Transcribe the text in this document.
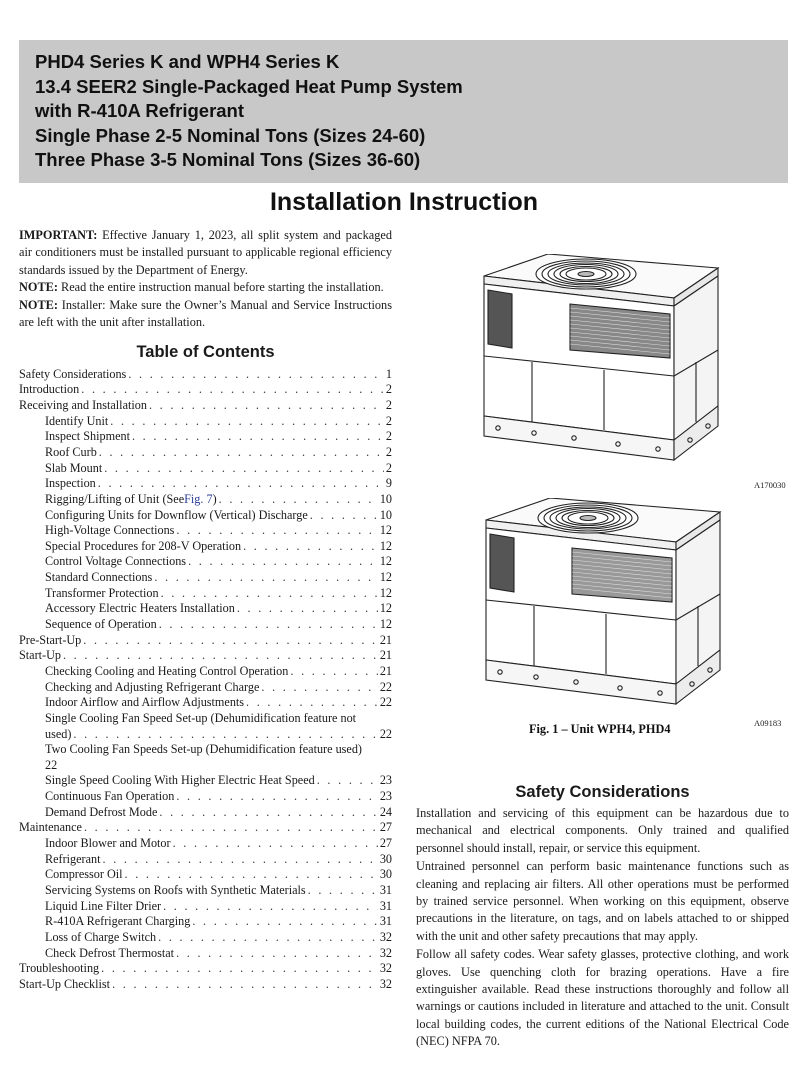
PHD4 Series K and WPH4 Series K
13.4 SEER2 Single-Packaged Heat Pump System
with R-410A Refrigerant
Single Phase 2-5 Nominal Tons (Sizes 24-60)
Three Phase 3-5 Nominal Tons (Sizes 36-60)
Installation Instruction

IMPORTANT: Effective January 1, 2023, all split system and packaged air conditioners must be installed pursuant to applicable regional efficiency standards issued by the Department of Energy.

NOTE: Read the entire instruction manual before starting the installation.

NOTE: Installer: Make sure the Owner’s Manual and Service Instructions are left with the unit after installation.

Table of Contents
Safety Considerations . . .	1
Introduction . . .	2
Receiving and Installation . . .	2
Identify Unit . . .	2
Inspect Shipment . . .	2
Roof Curb . . .	2
Slab Mount . . .	2
Inspection . . .	9
Rigging/Lifting of Unit (See Fig. 7 ) . . .	10
Configuring Units for Downflow (Vertical) Discharge . . .	10
High-Voltage Connections . . .	12
Special Procedures for 208-V Operation . . .	12
Control Voltage Connections . . .	12
Standard Connections . . .	12
Transformer Protection . . .	12
Accessory Electric Heaters Installation . . .	12
Sequence of Operation . . .	12
Pre-Start-Up . . .	21
Start-Up . . .	21
Checking Cooling and Heating Control Operation . . .	21
Checking and Adjusting Refrigerant Charge . . .	22
Indoor Airflow and Airflow Adjustments . . .	22
Single Cooling Fan Speed Set-up (Dehumidification feature not
used) . . .	22
Two Cooling Fan Speeds Set-up (Dehumidification feature used)
22
Single Speed Cooling With Higher Electric Heat Speed . . .	23
Continuous Fan Operation . . .	23
Demand Defrost Mode . . .	24
Maintenance . . .	27
Indoor Blower and Motor . . .	27
Refrigerant . . .	30
Compressor Oil . . .	30
Servicing Systems on Roofs with Synthetic Materials . . .	31
Liquid Line Filter Drier . . .	31
R-410A Refrigerant Charging . . .	31
Loss of Charge Switch . . .	32
Check Defrost Thermostat . . .	32
Troubleshooting . . .	32
Start-Up Checklist . . .	32
A170030
A09183
Fig. 1 – Unit WPH4, PHD4
Safety Considerations

Installation and servicing of this equipment can be hazardous due to mechanical and electrical components. Only trained and qualified personnel should install, repair, or service this equipment.

Untrained personnel can perform basic maintenance functions such as cleaning and replacing air filters. All other operations must be performed by trained service personnel. When working on this equipment, observe precautions in the literature, on tags, and on labels attached to or shipped with the unit and other safety precautions that may apply.

Follow all safety codes. Wear safety glasses, protective clothing, and work gloves. Use quenching cloth for brazing operations. Have a fire extinguisher available. Read these instructions thoroughly and follow all warnings or cautions included in literature and attached to the unit. Consult local building codes, the current editions of the National Electrical Code (NEC) NFPA 70.
